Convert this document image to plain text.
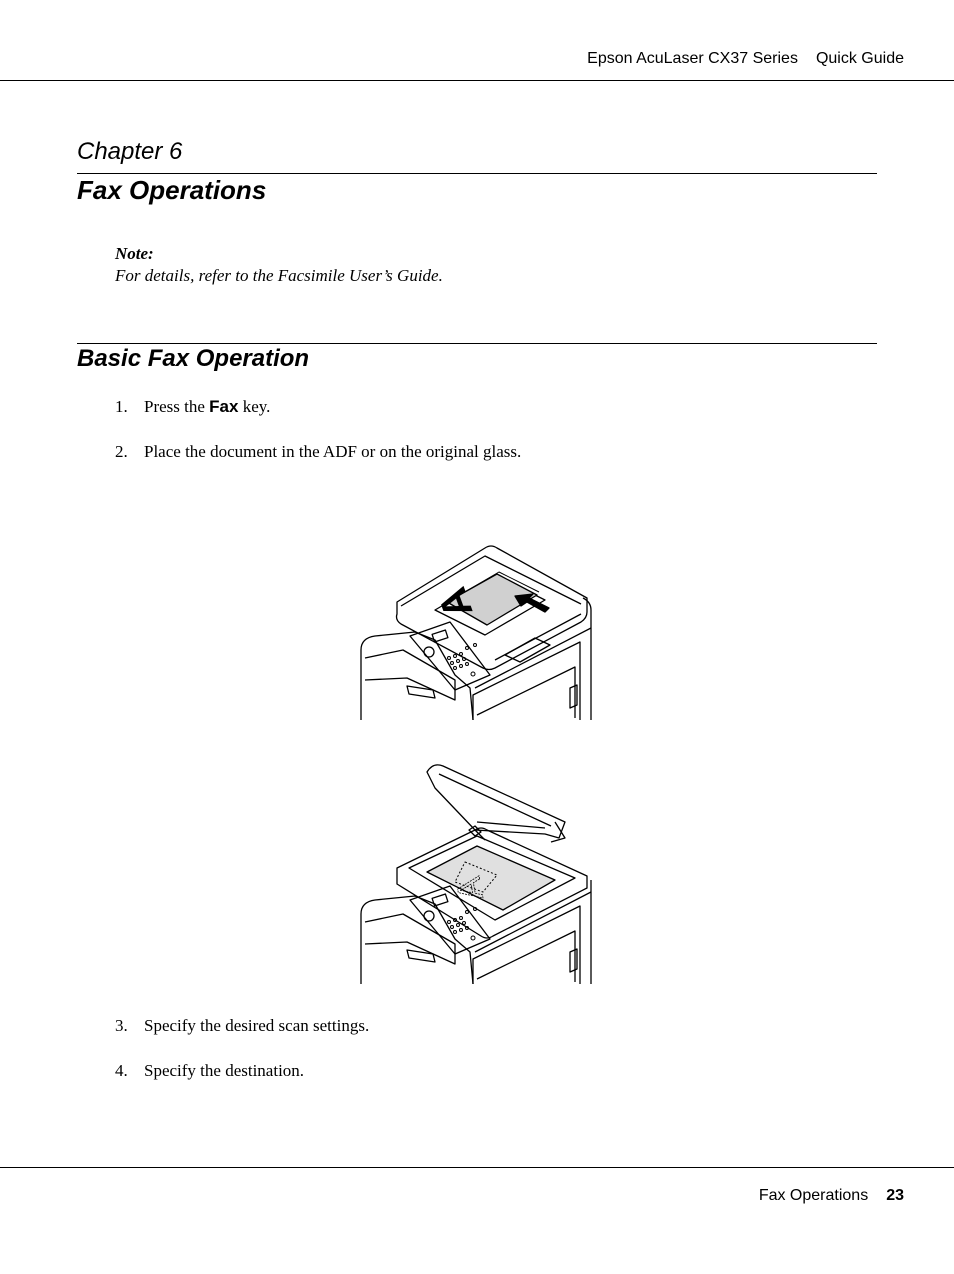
Epson AcuLaser CX37 Series Quick Guide
Chapter 6
Fax Operations
Note:
For details, refer to the Facsimile User’s Guide.
Basic Fax Operation
1. Press the Fax key.
2. Place the document in the ADF or on the original glass.
A
A
3. Specify the desired scan settings.
4. Specify the destination.
Fax Operations 23
